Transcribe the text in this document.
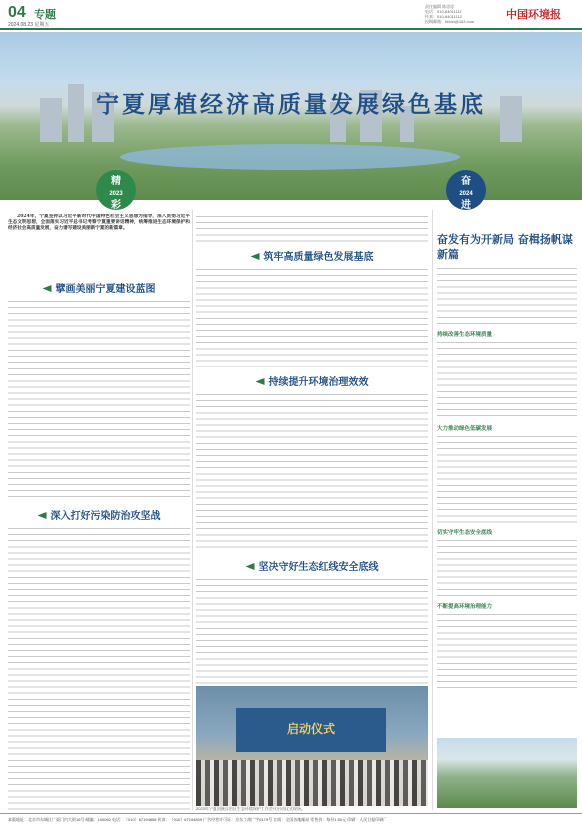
04 专题
2024.08.23 星期五
责任编辑 陈思思
电话：010-84011111
传真：010-84011112
投稿邮箱：hbbzt@163.com
中国环境报
宁夏厚植经济高质量发展绿色基底
精
2023
彩
奋
2024
进
2024年，宁夏坚持以习近平新时代中国特色社会主义思想为指导，深入贯彻习近平生态文明思想，全面落实习近平总书记考察宁夏重要讲话精神，统筹推进生态环境保护和经济社会高质量发展，奋力谱写建设美丽新宁夏的新篇章。
擘画美丽宁夏建设蓝图
深入打好污染防治攻坚战
筑牢高质量绿色发展基底
持续提升环境治理效效
坚决守好生态红线安全底线
启动仪式
2023年宁夏回族自治区生态环境保护工作会议启动仪式现场。
奋发有为开新局 奋楫扬帆谋新篇
持续改善生态环境质量
大力推动绿色低碳发展
切实守牢生态安全底线
不断提高环境治理能力
本版地址：北京市东城区广渠门内大街16号 邮编：100062 电话：（010）67194808 传真：（010）67194809 广告经营许可证：京东工商广字0179号 订阅：全国各地邮局 零售价：每份1.50元 印刷：人民日报印刷厂
